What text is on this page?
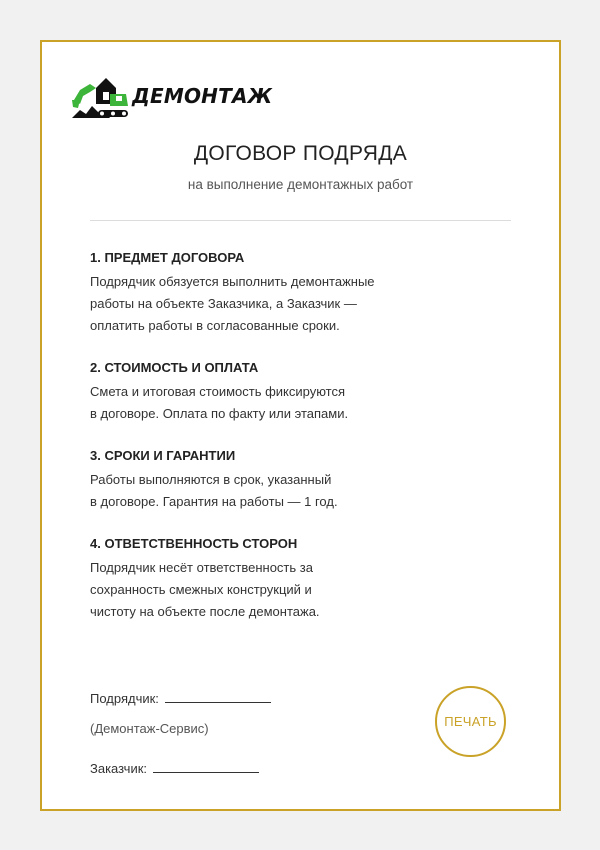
ДЕМОНТАЖ
ДОГОВОР ПОДРЯДА
на выполнение демонтажных работ
1. ПРЕДМЕТ ДОГОВОРА
Подрядчик обязуется выполнить демонтажные
работы на объекте Заказчика, а Заказчик —
оплатить работы в согласованные сроки.
2. СТОИМОСТЬ И ОПЛАТА
Смета и итоговая стоимость фиксируются
в договоре. Оплата по факту или этапами.
3. СРОКИ И ГАРАНТИИ
Работы выполняются в срок, указанный
в договоре. Гарантия на работы — 1 год.
4. ОТВЕТСТВЕННОСТЬ СТОРОН
Подрядчик несёт ответственность за
сохранность смежных конструкций и
чистоту на объекте после демонтажа.
Подрядчик:
(Демонтаж-Сервис)
Заказчик:
ПЕЧАТЬ
